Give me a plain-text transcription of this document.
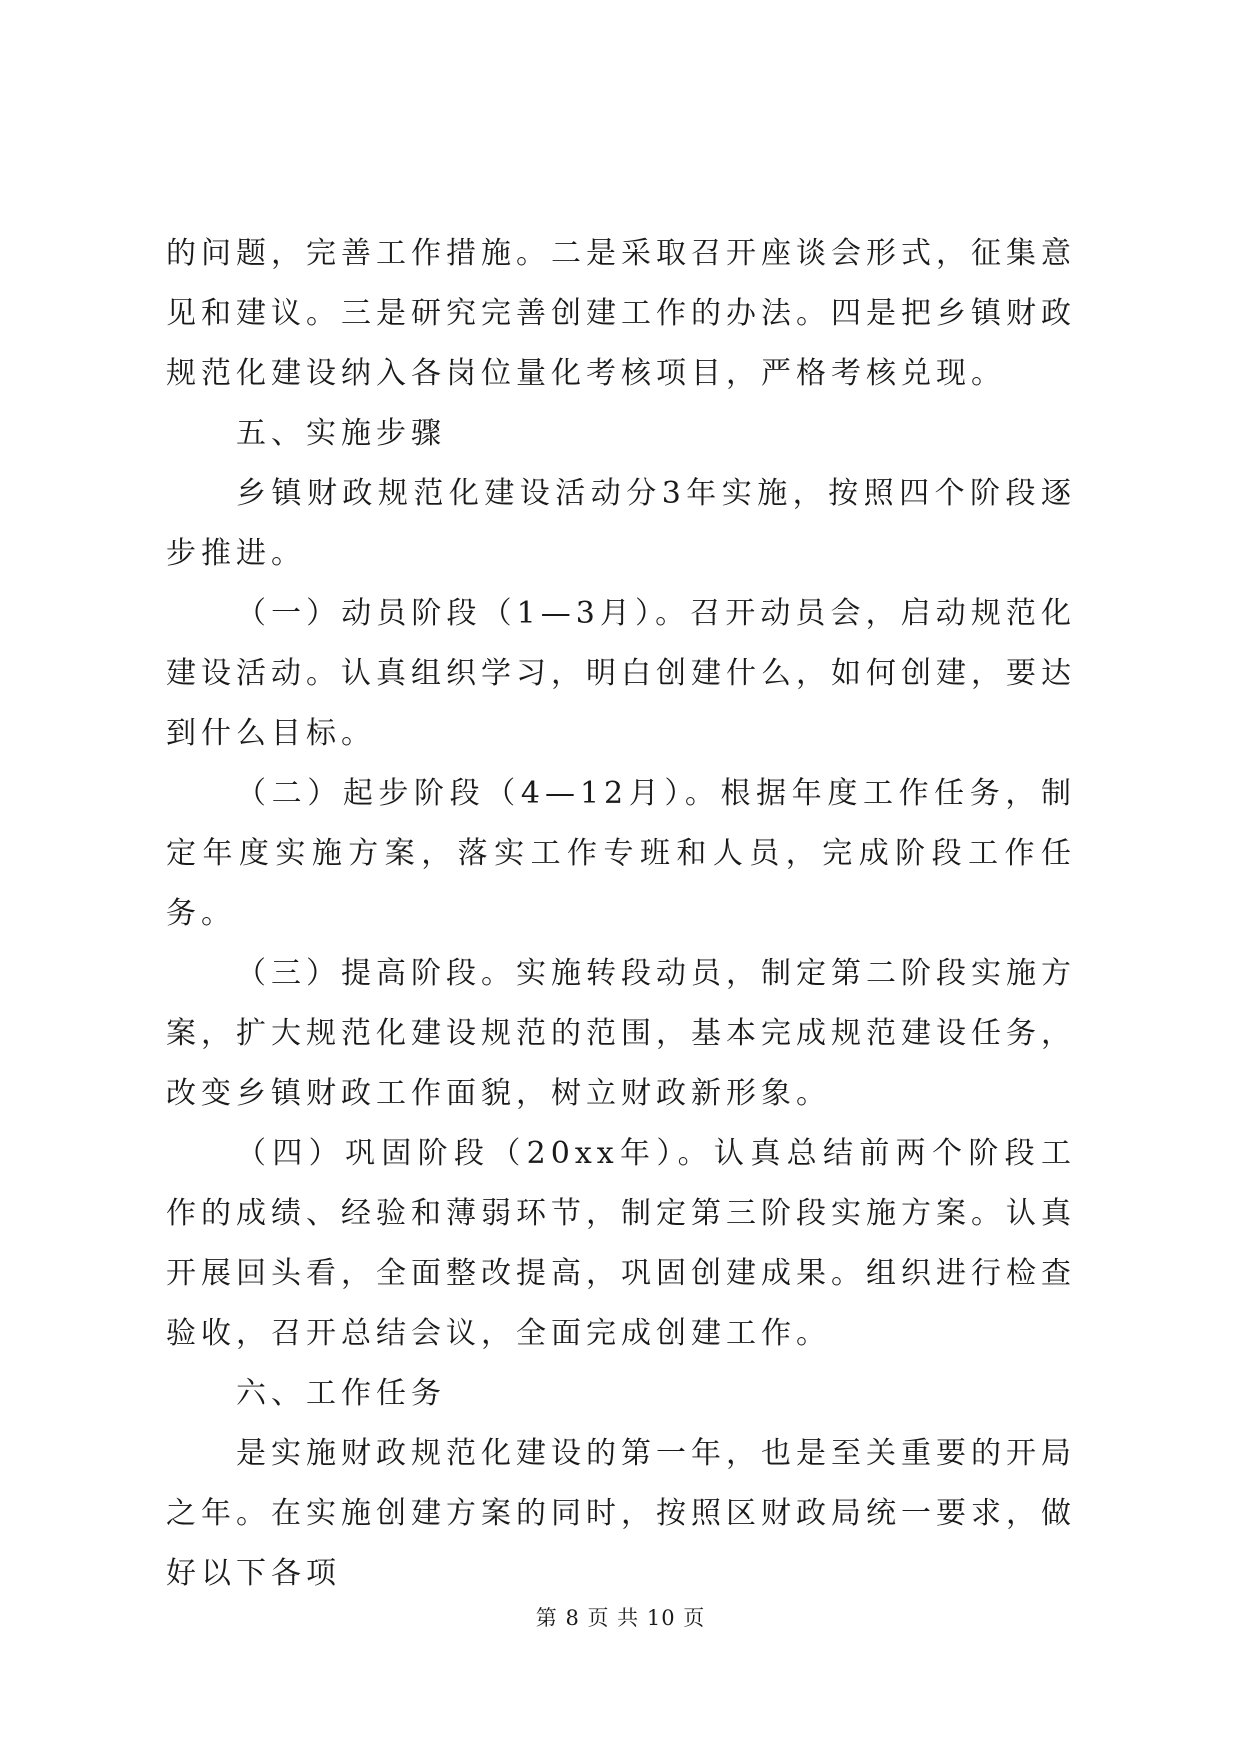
的问题，完善工作措施。二是采取召开座谈会形式，征集意见和建议。三是研究完善创建工作的办法。四是把乡镇财政规范化建设纳入各岗位量化考核项目，严格考核兑现。

五、实施步骤

乡镇财政规范化建设活动分3年实施，按照四个阶段逐步推进。

（一）动员阶段（1—3月）。召开动员会，启动规范化建设活动。认真组织学习，明白创建什么，如何创建，要达到什么目标。

（二）起步阶段（4—12月）。根据年度工作任务，制定年度实施方案，落实工作专班和人员，完成阶段工作任务。

（三）提高阶段。实施转段动员，制定第二阶段实施方案，扩大规范化建设规范的范围，基本完成规范建设任务，改变乡镇财政工作面貌，树立财政新形象。

（四）巩固阶段（20xx年）。认真总结前两个阶段工作的成绩、经验和薄弱环节，制定第三阶段实施方案。认真开展回头看，全面整改提高，巩固创建成果。组织进行检查验收，召开总结会议，全面完成创建工作。

六、工作任务

是实施财政规范化建设的第一年，也是至关重要的开局之年。在实施创建方案的同时，按照区财政局统一要求，做好以下各项

第 8 页 共 10 页
